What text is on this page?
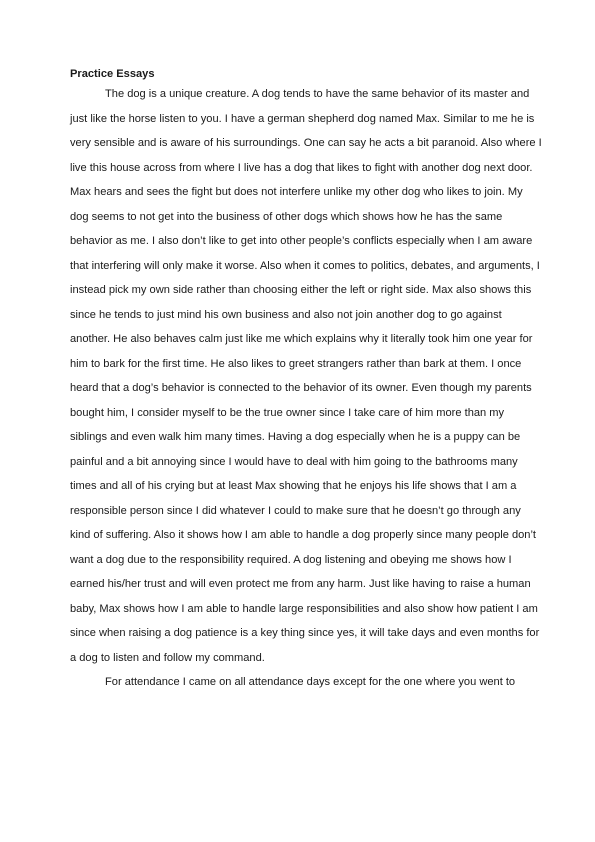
Practice Essays
The dog is a unique creature. A dog tends to have the same behavior of its master and
just like the horse listen to you. I have a german shepherd dog named Max. Similar to me he is
very sensible and is aware of his surroundings. One can say he acts a bit paranoid. Also where I
live this house across from where I live has a dog that likes to fight with another dog next door.
Max hears and sees the fight but does not interfere unlike my other dog who likes to join. My
dog seems to not get into the business of other dogs which shows how he has the same
behavior as me. I also don’t like to get into other people’s conflicts especially when I am aware
that interfering will only make it worse. Also when it comes to politics, debates, and arguments, I
instead pick my own side rather than choosing either the left or right side. Max also shows this
since he tends to just mind his own business and also not join another dog to go against
another. He also behaves calm just like me which explains why it literally took him one year for
him to bark for the first time. He also likes to greet strangers rather than bark at them. I once
heard that a dog’s behavior is connected to the behavior of its owner. Even though my parents
bought him, I consider myself to be the true owner since I take care of him more than my
siblings and even walk him many times. Having a dog especially when he is a puppy can be
painful and a bit annoying since I would have to deal with him going to the bathrooms many
times and all of his crying but at least Max showing that he enjoys his life shows that I am a
responsible person since I did whatever I could to make sure that he doesn’t go through any
kind of suffering. Also it shows how I am able to handle a dog properly since many people don’t
want a dog due to the responsibility required. A dog listening and obeying me shows how I
earned his/her trust and will even protect me from any harm. Just like having to raise a human
baby, Max shows how I am able to handle large responsibilities and also show how patient I am
since when raising a dog patience is a key thing since yes, it will take days and even months for
a dog to listen and follow my command.
For attendance I came on all attendance days except for the one where you went to
